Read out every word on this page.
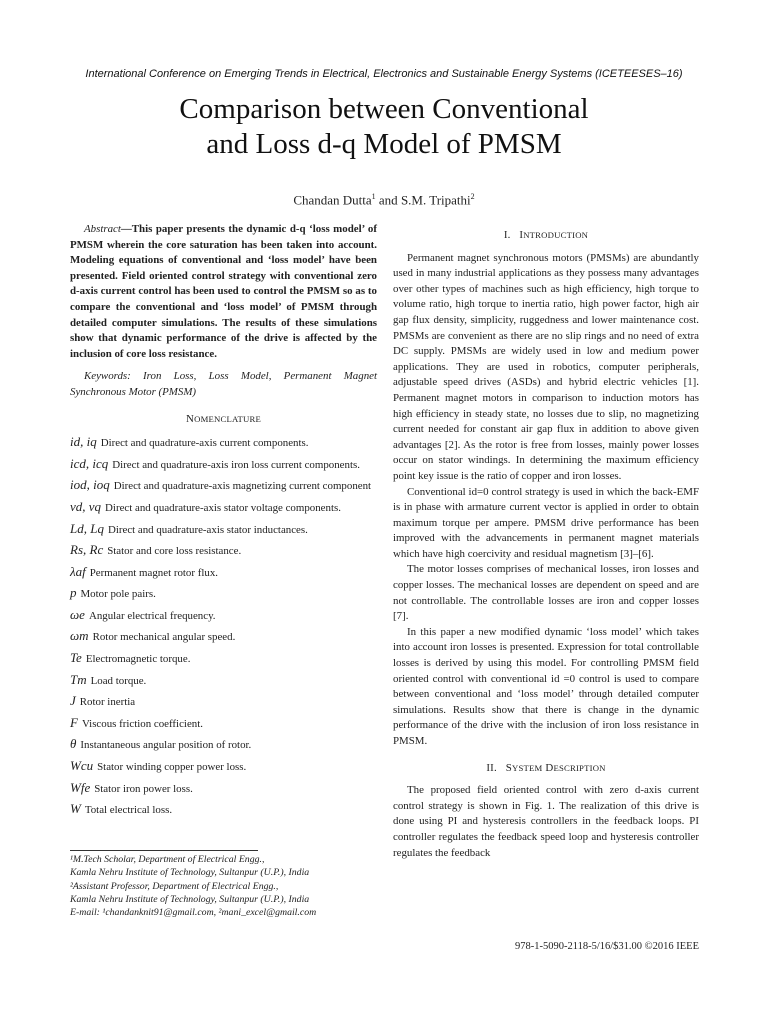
International Conference on Emerging Trends in Electrical, Electronics and Sustainable Energy Systems (ICETEESES–16)
Comparison between Conventional
and Loss d-q Model of PMSM
Chandan Dutta$^1$ and S.M. Tripathi$^2$
Abstract—This paper presents the dynamic d-q ‘loss model’ of PMSM wherein the core saturation has been taken into account. Modeling equations of conventional and ‘loss model’ have been presented. Field oriented control strategy with conventional zero d-axis current control has been used to control the PMSM so as to compare the conventional and ‘loss model’ of PMSM through detailed computer simulations. The results of these simulations show that dynamic performance of the drive is affected by the inclusion of core loss resistance.
Keywords: Iron Loss, Loss Model, Permanent Magnet Synchronous Motor (PMSM)
NOMENCLATURE
id, iq Direct and quadrature-axis current components.
icd, icq Direct and quadrature-axis iron loss current components.
iod, ioq Direct and quadrature-axis magnetizing current component
vd, vq Direct and quadrature-axis stator voltage components.
Ld, Lq Direct and quadrature-axis stator inductances.
Rs, Rc Stator and core loss resistance.
λaf Permanent magnet rotor flux.
p Motor pole pairs.
ωe Angular electrical frequency.
ωm Rotor mechanical angular speed.
Te Electromagnetic torque.
Tm Load torque.
J Rotor inertia
F Viscous friction coefficient.
θ Instantaneous angular position of rotor.
Wcu Stator winding copper power loss.
Wfe Stator iron power loss.
W Total electrical loss.
¹M.Tech Scholar, Department of Electrical Engg.,
Kamla Nehru Institute of Technology, Sultanpur (U.P.), India
²Assistant Professor, Department of Electrical Engg.,
Kamla Nehru Institute of Technology, Sultanpur (U.P.), India
E-mail: ¹chandanknit91@gmail.com, ²mani_excel@gmail.com
I. INTRODUCTION

Permanent magnet synchronous motors (PMSMs) are abundantly used in many industrial applications as they possess many advantages over other types of machines such as high efficiency, high torque to volume ratio, high torque to inertia ratio, high power factor, high air gap flux density, simplicity, ruggedness and lower maintenance cost. PMSMs are convenient as there are no slip rings and no need of extra DC supply. PMSMs are widely used in low and medium power applications. They are used in robotics, computer peripherals, adjustable speed drives (ASDs) and hybrid electric vehicles [1]. Permanent magnet motors in comparison to induction motors has high efficiency in steady state, no losses due to slip, no magnetizing current needed for constant air gap flux in addition to above given advantages [2]. As the rotor is free from losses, mainly power losses occur on stator windings. In determining the maximum efficiency point key issue is the ratio of copper and iron losses.

Conventional id=0 control strategy is used in which the back-EMF is in phase with armature current vector is applied in order to obtain maximum torque per ampere. PMSM drive performance has been improved with the advancements in permanent magnet materials which have high coercivity and residual magnetism [3]–[6].

The motor losses comprises of mechanical losses, iron losses and copper losses. The mechanical losses are dependent on speed and are not controllable. The controllable losses are iron and copper losses [7].

In this paper a new modified dynamic ‘loss model’ which takes into account iron losses is presented. Expression for total controllable losses is derived by using this model. For controlling PMSM field oriented control with conventional id =0 control is used to compare between conventional and ‘loss model’ through detailed computer simulations. Results show that there is change in the dynamic performance of the drive with the inclusion of iron loss resistance in PMSM.

II. SYSTEM DESCRIPTION

The proposed field oriented control with zero d-axis current control strategy is shown in Fig. 1. The realization of this drive is done using PI and hysteresis controllers in the feedback loops. PI controller regulates the feedback speed loop and hysteresis controller regulates the feedback

978-1-5090-2118-5/16/$31.00 ©2016 IEEE
